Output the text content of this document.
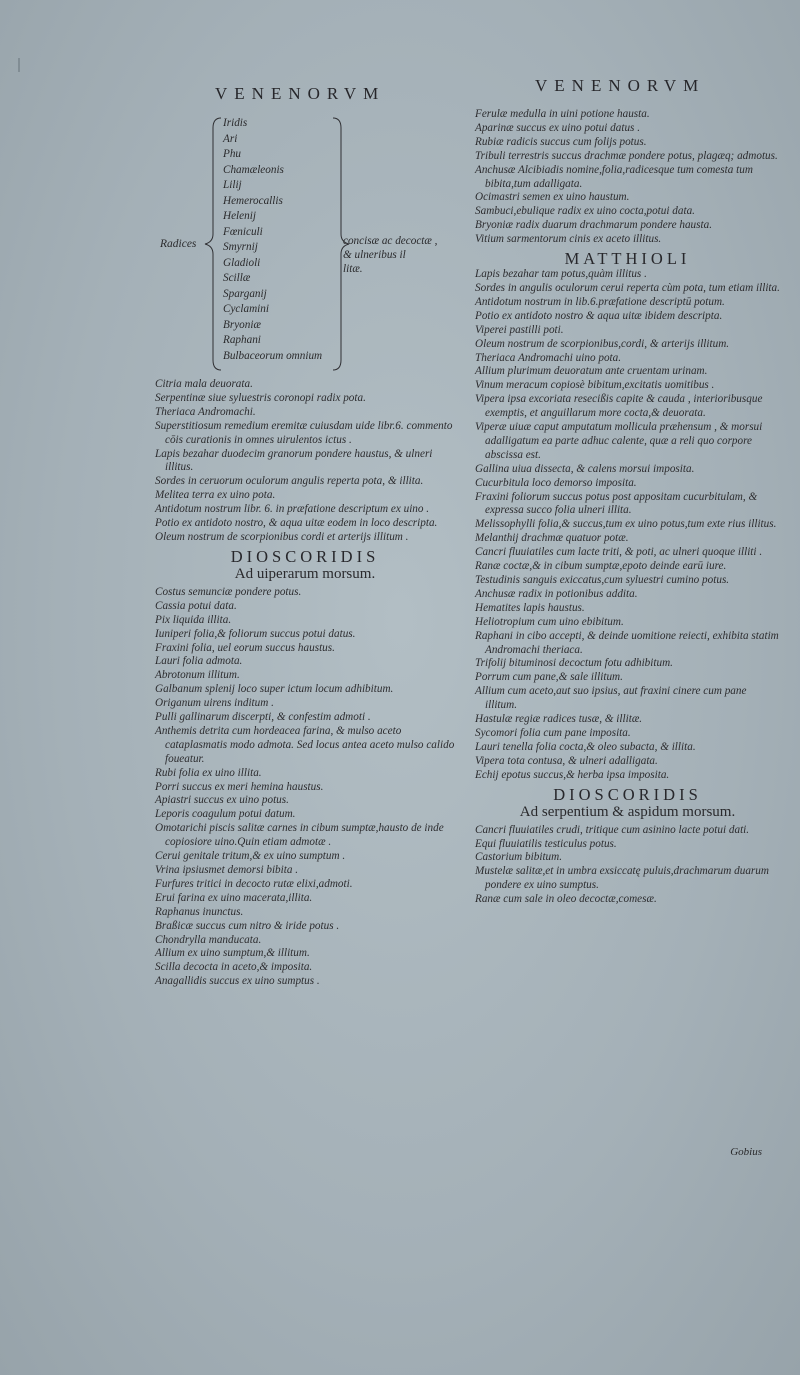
VENENORVM	VENENORVM
Radices

Iridis

Ari

Phu

Chamæleonis

Lilij

Hemerocallis

Helenij

Fœniculi

Smyrnij

Gladioli

Scillæ

Sparganij

Cyclamini

Bryoniæ

Raphani

Bulbaceorum omnium

concisæ ac decoctæ ,

& ulneribus il

litæ.

Citria mala deuorata.

Serpentinæ siue syluestris coronopi radix pota.

Theriaca Andromachi.

Superstitiosum remedium eremitæ cuiusdam uide libr.6. commento cōis curationis in omnes uirulentos ictus .

Lapis bezahar duodecim granorum pondere haustus, & ulneri illitus.

Sordes in ceruorum oculorum angulis reperta pota, & illita.

Melitea terra ex uino pota.

Antidotum nostrum libr. 6. in præfatione descriptum ex uino .

Potio ex antidoto nostro, & aqua uitæ eodem in loco descripta.

Oleum nostrum de scorpionibus cordi et arterijs illitum .

DIOSCORIDIS
Ad uiperarum morsum.

Costus semunciæ pondere potus.

Cassia potui data.

Pix liquida illita.

Iuniperi folia,& foliorum succus potui datus.

Fraxini folia, uel eorum succus haustus.

Lauri folia admota.

Abrotonum illitum.

Galbanum splenij loco super ictum locum adhibitum.

Origanum uirens inditum .

Pulli gallinarum discerpti, & confestim admoti .

Anthemis detrita cum hordeacea farina, & mulso aceto cataplasmatis modo admota. Sed locus antea aceto mulso calido foueatur.

Rubi folia ex uino illita.

Porri succus ex meri hemina haustus.

Apiastri succus ex uino potus.

Leporis coagulum potui datum.

Omotarichi piscis salitæ carnes in cibum sumptæ,hausto de inde copiosiore uino.Quin etiam admotæ .

Cerui genitale tritum,& ex uino sumptum .

Vrina ipsiusmet demorsi bibita .

Furfures tritici in decocto rutæ elixi,admoti.

Erui farina ex uino macerata,illita.

Raphanus inunctus.

Braßicæ succus cum nitro & iride potus .

Chondrylla manducata.

Allium ex uino sumptum,& illitum.

Scilla decocta in aceto,& imposita.

Anagallidis succus ex uino sumptus .

Ferulæ medulla in uini potione hausta.

Aparinæ succus ex uino potui datus .

Rubiæ radicis succus cum folijs potus.

Tribuli terrestris succus drachmæ pondere potus, plagæq; admotus.

Anchusæ Alcibiadis nomine,folia,radicesque tum comesta tum bibita,tum adalligata.

Ocimastri semen ex uino haustum.

Sambuci,ebulique radix ex uino cocta,potui data.

Bryoniæ radix duarum drachmarum pondere hausta.

Vitium sarmentorum cinis ex aceto illitus.

MATTHIOLI

Lapis bezahar tam potus,quàm illitus .

Sordes in angulis oculorum cerui reperta cùm pota, tum etiam illita.

Antidotum nostrum in lib.6.præfatione descriptū potum.

Potio ex antidoto nostro & aqua uitæ ibidem descripta.

Viperei pastilli poti.

Oleum nostrum de scorpionibus,cordi, & arterijs illitum.

Theriaca Andromachi uino pota.

Allium plurimum deuoratum ante cruentam urinam.

Vinum meracum copiosè bibitum,excitatis uomitibus .

Vipera ipsa excoriata resecißis capite & cauda , interioribusque exemptis, et anguillarum more cocta,& deuorata.

Viperæ uiuæ caput amputatum mollicula præhensum , & morsui adalligatum ea parte adhuc calente, quæ a reli quo corpore abscissa est.

Gallina uiua dissecta, & calens morsui imposita.

Cucurbitula loco demorso imposita.

Fraxini foliorum succus potus post appositam cucurbitulam, & expressa succo folia ulneri illita.

Melissophylli folia,& succus,tum ex uino potus,tum exte rius illitus.

Melanthij drachmæ quatuor potæ.

Cancri fluuiatiles cum lacte triti, & poti, ac ulneri quoque illiti .

Ranæ coctæ,& in cibum sumptæ,epoto deinde earū iure.

Testudinis sanguis exiccatus,cum syluestri cumino potus.

Anchusæ radix in potionibus addita.

Hematites lapis haustus.

Heliotropium cum uino ebibitum.

Raphani in cibo accepti, & deinde uomitione reiecti, exhibita statim Andromachi theriaca.

Trifolij bituminosi decoctum fotu adhibitum.

Porrum cum pane,& sale illitum.

Allium cum aceto,aut suo ipsius, aut fraxini cinere cum pane illitum.

Hastulæ regiæ radices tusæ, & illitæ.

Sycomori folia cum pane imposita.

Lauri tenella folia cocta,& oleo subacta, & illita.

Vipera tota contusa, & ulneri adalligata.

Echij epotus succus,& herba ipsa imposita.

DIOSCORIDIS
Ad serpentium & aspidum morsum.

Cancri fluuiatiles crudi, tritique cum asinino lacte potui dati.

Equi fluuiatilis testiculus potus.

Castorium bibitum.

Mustelæ salitæ,et in umbra exsiccatę puluis,drachmarum duarum pondere ex uino sumptus.

Ranæ cum sale in oleo decoctæ,comesæ.

Gobius
